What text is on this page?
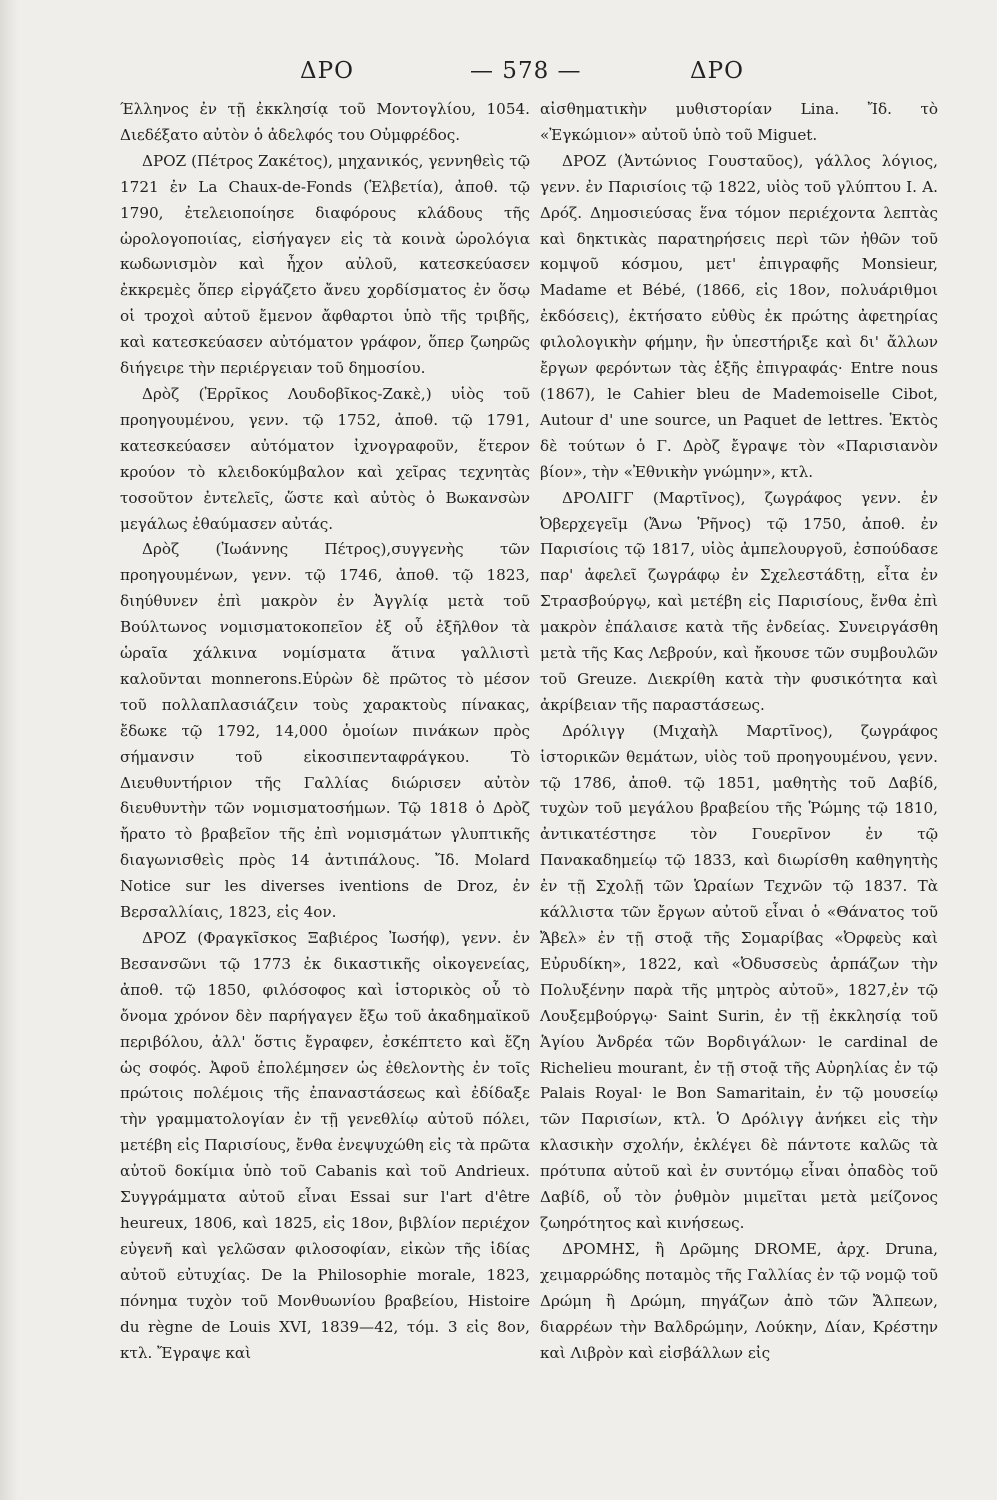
ΔΡΟ	— 578 —	ΔΡΟ

Έλληνος ἐν τῇ ἐκκλησίᾳ τοῦ Μοντογλίου, 1054. Διεδέξατο αὐτὸν ὁ ἀδελφός του Οὐμφρέδος.

ΔΡΟΖ (Πέτρος Ζακέτος), μηχανικός, γεννηθεὶς τῷ 1721 ἐν La Chaux-de-Fonds (Ἑλβετία), ἀποθ. τῷ 1790, ἐτελειοποίησε διαφόρους κλάδους τῆς ὡρολογοποιίας, εἰσήγαγεν εἰς τὰ κοινὰ ὡρολόγια κωδωνισμὸν καὶ ἦχον αὐλοῦ, κατεσκεύασεν ἐκκρεμὲς ὅπερ εἰργάζετο ἄνευ χορδίσματος ἐν ὅσῳ οἱ τροχοὶ αὐτοῦ ἔμενον ἄφθαρτοι ὑπὸ τῆς τριβῆς, καὶ κατεσκεύασεν αὐτόματον γράφον, ὅπερ ζωηρῶς διήγειρε τὴν περιέργειαν τοῦ δημοσίου.

Δρὸζ (Ἐρρῖκος Λουδοβῖκος-Ζακὲ,) υἱὸς τοῦ προηγουμένου, γενν. τῷ 1752, ἀποθ. τῷ 1791, κατεσκεύασεν αὐτόματον ἰχνογραφοῦν, ἕτερον κρούον τὸ κλειδοκύμβαλον καὶ χεῖρας τεχνητὰς τοσοῦτον ἐντελεῖς, ὥστε καὶ αὐτὸς ὁ Βωκανσὼν μεγάλως ἐθαύμασεν αὐτάς.

Δρὸζ (Ἰωάννης Πέτρος),συγγενὴς τῶν προηγουμένων, γενν. τῷ 1746, ἀποθ. τῷ 1823, διηύθυνεν ἐπὶ μακρὸν ἐν Ἀγγλίᾳ μετὰ τοῦ Βούλτωνος νομισματοκοπεῖον ἐξ οὗ ἐξῆλθον τὰ ὡραῖα χάλκινα νομίσματα ἅτινα γαλλιστὶ καλοῦνται monnerons.Εὑρὼν δὲ πρῶτος τὸ μέσον τοῦ πολλαπλασιάζειν τοὺς χαρακτοὺς πίνακας, ἔδωκε τῷ 1792, 14,000 ὁμοίων πινάκων πρὸς σήμανσιν τοῦ εἰκοσιπενταφράγκου. Τὸ Διευθυντήριον τῆς Γαλλίας διώρισεν αὐτὸν διευθυντὴν τῶν νομισματοσήμων. Τῷ 1818 ὁ Δρὸζ ἤρατο τὸ βραβεῖον τῆς ἐπὶ νομισμάτων γλυπτικῆς διαγωνισθεὶς πρὸς 14 ἀντιπάλους. Ἴδ. Molard Notice sur les diverses iventions de Droz, ἐν Βερσαλλίαις, 1823, εἰς 4ον.

ΔΡΟΖ (Φραγκῖσκος Ξαβιέρος Ἰωσήφ), γενν. ἐν Βεσανσῶνι τῷ 1773 ἐκ δικαστικῆς οἰκογενείας, ἀποθ. τῷ 1850, φιλόσοφος καὶ ἱστορικὸς οὗ τὸ ὄνομα χρόνον δὲν παρήγαγεν ἔξω τοῦ ἀκαδημαϊκοῦ περιβόλου, ἀλλ' ὅστις ἔγραφεν, ἐσκέπτετο καὶ ἔζη ὡς σοφός. Ἀφοῦ ἐπολέμησεν ὡς ἐθελοντὴς ἐν τοῖς πρώτοις πολέμοις τῆς ἐπαναστάσεως καὶ ἐδίδαξε τὴν γραμματολογίαν ἐν τῇ γενεθλίῳ αὐτοῦ πόλει, μετέβη εἰς Παρισίους, ἔνθα ἐνεψυχώθη εἰς τὰ πρῶτα αὐτοῦ δοκίμια ὑπὸ τοῦ Cabanis καὶ τοῦ Andrieux. Συγγράμματα αὐτοῦ εἶναι Essai sur l'art d'être heureux, 1806, καὶ 1825, εἰς 18ον, βιβλίον περιέχον εὐγενῆ καὶ γελῶσαν φιλοσοφίαν, εἰκὼν τῆς ἰδίας αὐτοῦ εὐτυχίας. De la Philosophie morale, 1823, πόνημα τυχὸν τοῦ Μονθυωνίου βραβείου, Histoire du règne de Louis XVI, 1839—42, τόμ. 3 εἰς 8ον, κτλ. Ἔγραψε καὶ

αἰσθηματικὴν μυθιστορίαν Lina. Ἴδ. τὸ «Ἐγκώμιον» αὐτοῦ ὑπὸ τοῦ Miguet.

ΔΡΟΖ (Ἀντώνιος Γουσταῦος), γάλλος λόγιος, γενν. ἐν Παρισίοις τῷ 1822, υἱὸς τοῦ γλύπτου Ι. Α. Δρόζ. Δημοσιεύσας ἕνα τόμον περιέχοντα λεπτὰς καὶ δηκτικὰς παρατηρήσεις περὶ τῶν ἠθῶν τοῦ κομψοῦ κόσμου, μετ' ἐπιγραφῆς Monsieur, Madame et Bébé, (1866, εἰς 18ον, πολυάριθμοι ἐκδόσεις), ἐκτήσατο εὐθὺς ἐκ πρώτης ἀφετηρίας φιλολογικὴν φήμην, ἣν ὑπεστήριξε καὶ δι' ἄλλων ἔργων φερόντων τὰς ἑξῆς ἐπιγραφάς· Entre nous (1867), le Cahier bleu de Mademoiselle Cibot, Autour d' une source, un Paquet de lettres. Ἐκτὸς δὲ τούτων ὁ Γ. Δρὸζ ἔγραψε τὸν «Παρισιανὸν βίον», τὴν «Ἐθνικὴν γνώμην», κτλ.

ΔΡΟΛΙΓΓ (Μαρτῖνος), ζωγράφος γενν. ἐν Ὀβερχεγεῖμ (Ἄνω Ῥῆνος) τῷ 1750, ἀποθ. ἐν Παρισίοις τῷ 1817, υἱὸς ἀμπελουργοῦ, ἐσπούδασε παρ' ἀφελεῖ ζωγράφῳ ἐν Σχελεστάδτῃ, εἶτα ἐν Στρασβούργῳ, καὶ μετέβη εἰς Παρισίους, ἔνθα ἐπὶ μακρὸν ἐπάλαισε κατὰ τῆς ἐνδείας. Συνειργάσθη μετὰ τῆς Κας Λεβρούν, καὶ ἤκουσε τῶν συμβουλῶν τοῦ Greuze. Διεκρίθη κατὰ τὴν φυσικότητα καὶ ἀκρίβειαν τῆς παραστάσεως.

Δρόλιγγ (Μιχαὴλ Μαρτῖνος), ζωγράφος ἱστορικῶν θεμάτων, υἱὸς τοῦ προηγουμένου, γενν. τῷ 1786, ἀποθ. τῷ 1851, μαθητὴς τοῦ Δαβίδ, τυχὼν τοῦ μεγάλου βραβείου τῆς Ῥώμης τῷ 1810, ἀντικατέστησε τὸν Γουερῖνον ἐν τῷ Πανακαδημείῳ τῷ 1833, καὶ διωρίσθη καθηγητὴς ἐν τῇ Σχολῇ τῶν Ὡραίων Τεχνῶν τῷ 1837. Τὰ κάλλιστα τῶν ἔργων αὐτοῦ εἶναι ὁ «Θάνατος τοῦ Ἄβελ» ἐν τῇ στοᾷ τῆς Σομαρίβας «Ὀρφεὺς καὶ Εὐρυδίκη», 1822, καὶ «Ὀδυσσεὺς ἁρπάζων τὴν Πολυξένην παρὰ τῆς μητρὸς αὐτοῦ», 1827,ἐν τῷ Λουξεμβούργῳ· Saint Surin, ἐν τῇ ἐκκλησίᾳ τοῦ Ἁγίου Ἀνδρέα τῶν Βορδιγάλων· le cardinal de Richelieu mourant, ἐν τῇ στοᾷ τῆς Αὐρηλίας ἐν τῷ Palais Royal· le Bon Samaritain, ἐν τῷ μουσείῳ τῶν Παρισίων, κτλ. Ὁ Δρόλιγγ ἀνήκει εἰς τὴν κλασικὴν σχολήν, ἐκλέγει δὲ πάντοτε καλῶς τὰ πρότυπα αὐτοῦ καὶ ἐν συντόμῳ εἶναι ὀπαδὸς τοῦ Δαβίδ, οὗ τὸν ῥυθμὸν μιμεῖται μετὰ μείζονος ζωηρότητος καὶ κινήσεως.

ΔΡΟΜΗΣ, ἢ Δρῶμης DROME, ἀρχ. Druna, χειμαρρώδης ποταμὸς τῆς Γαλλίας ἐν τῷ νομῷ τοῦ Δρώμη ἢ Δρώμη, πηγάζων ἀπὸ τῶν Ἄλπεων, διαρρέων τὴν Βαλδρώμην, Λούκην, Δίαν, Κρέστην καὶ Λιβρὸν καὶ εἰσβάλλων εἰς
